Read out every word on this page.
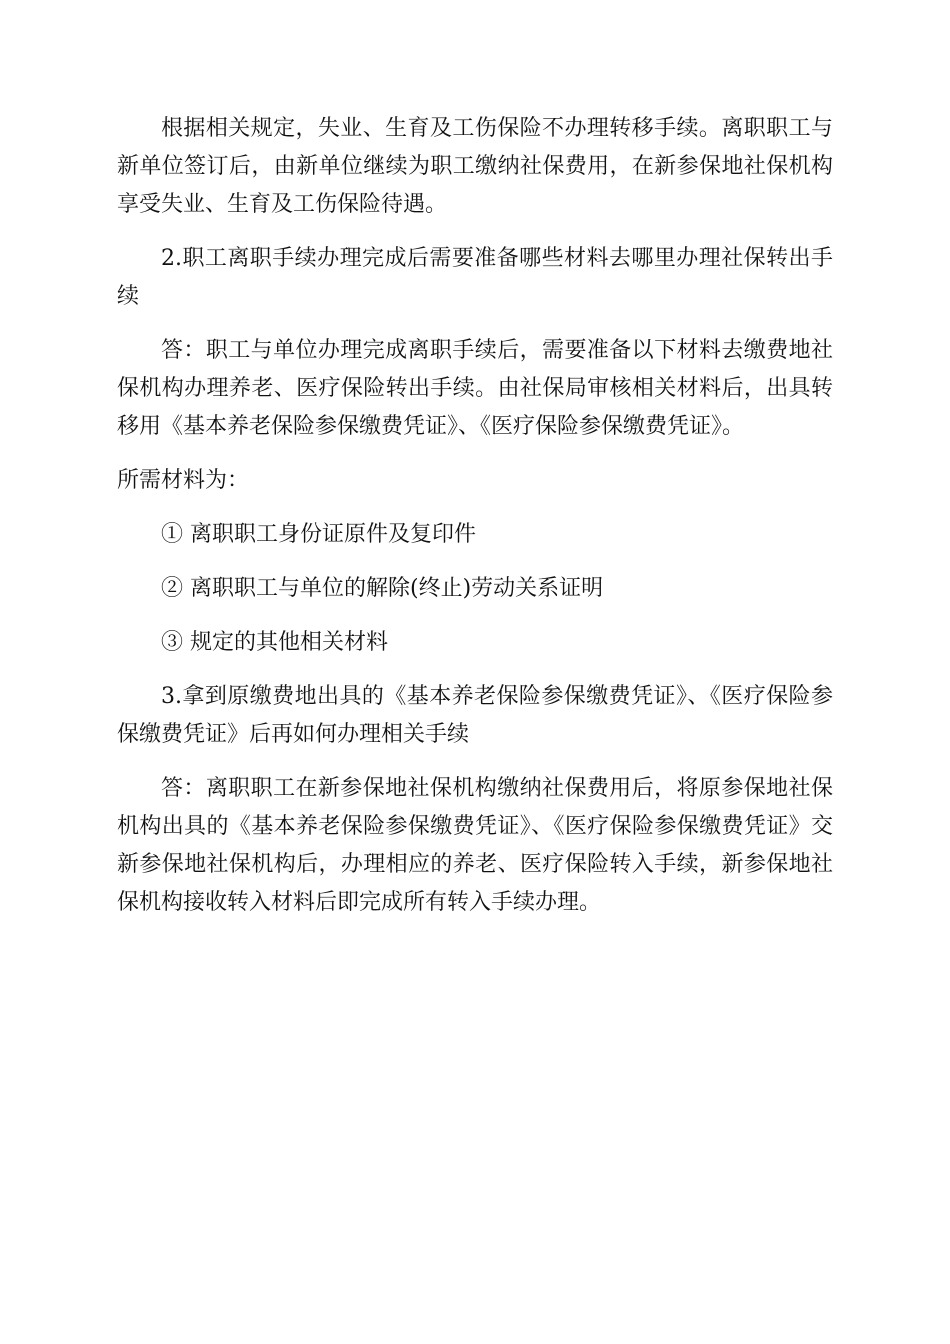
根据相关规定，失业、生育及工伤保险不办理转移手续。离职职工与新单位签订后，由新单位继续为职工缴纳社保费用，在新参保地社保机构享受失业、生育及工伤保险待遇。

2.职工离职手续办理完成后需要准备哪些材料去哪里办理社保转出手续

答：职工与单位办理完成离职手续后，需要准备以下材料去缴费地社保机构办理养老、医疗保险转出手续。由社保局审核相关材料后，出具转移用《基本养老保险参保缴费凭证》、《医疗保险参保缴费凭证》。

所需材料为：

① 离职职工身份证原件及复印件
② 离职职工与单位的解除(终止)劳动关系证明
③ 规定的其他相关材料

3.拿到原缴费地出具的《基本养老保险参保缴费凭证》、《医疗保险参保缴费凭证》后再如何办理相关手续

答：离职职工在新参保地社保机构缴纳社保费用后，将原参保地社保机构出具的《基本养老保险参保缴费凭证》、《医疗保险参保缴费凭证》交新参保地社保机构后，办理相应的养老、医疗保险转入手续，新参保地社保机构接收转入材料后即完成所有转入手续办理。
